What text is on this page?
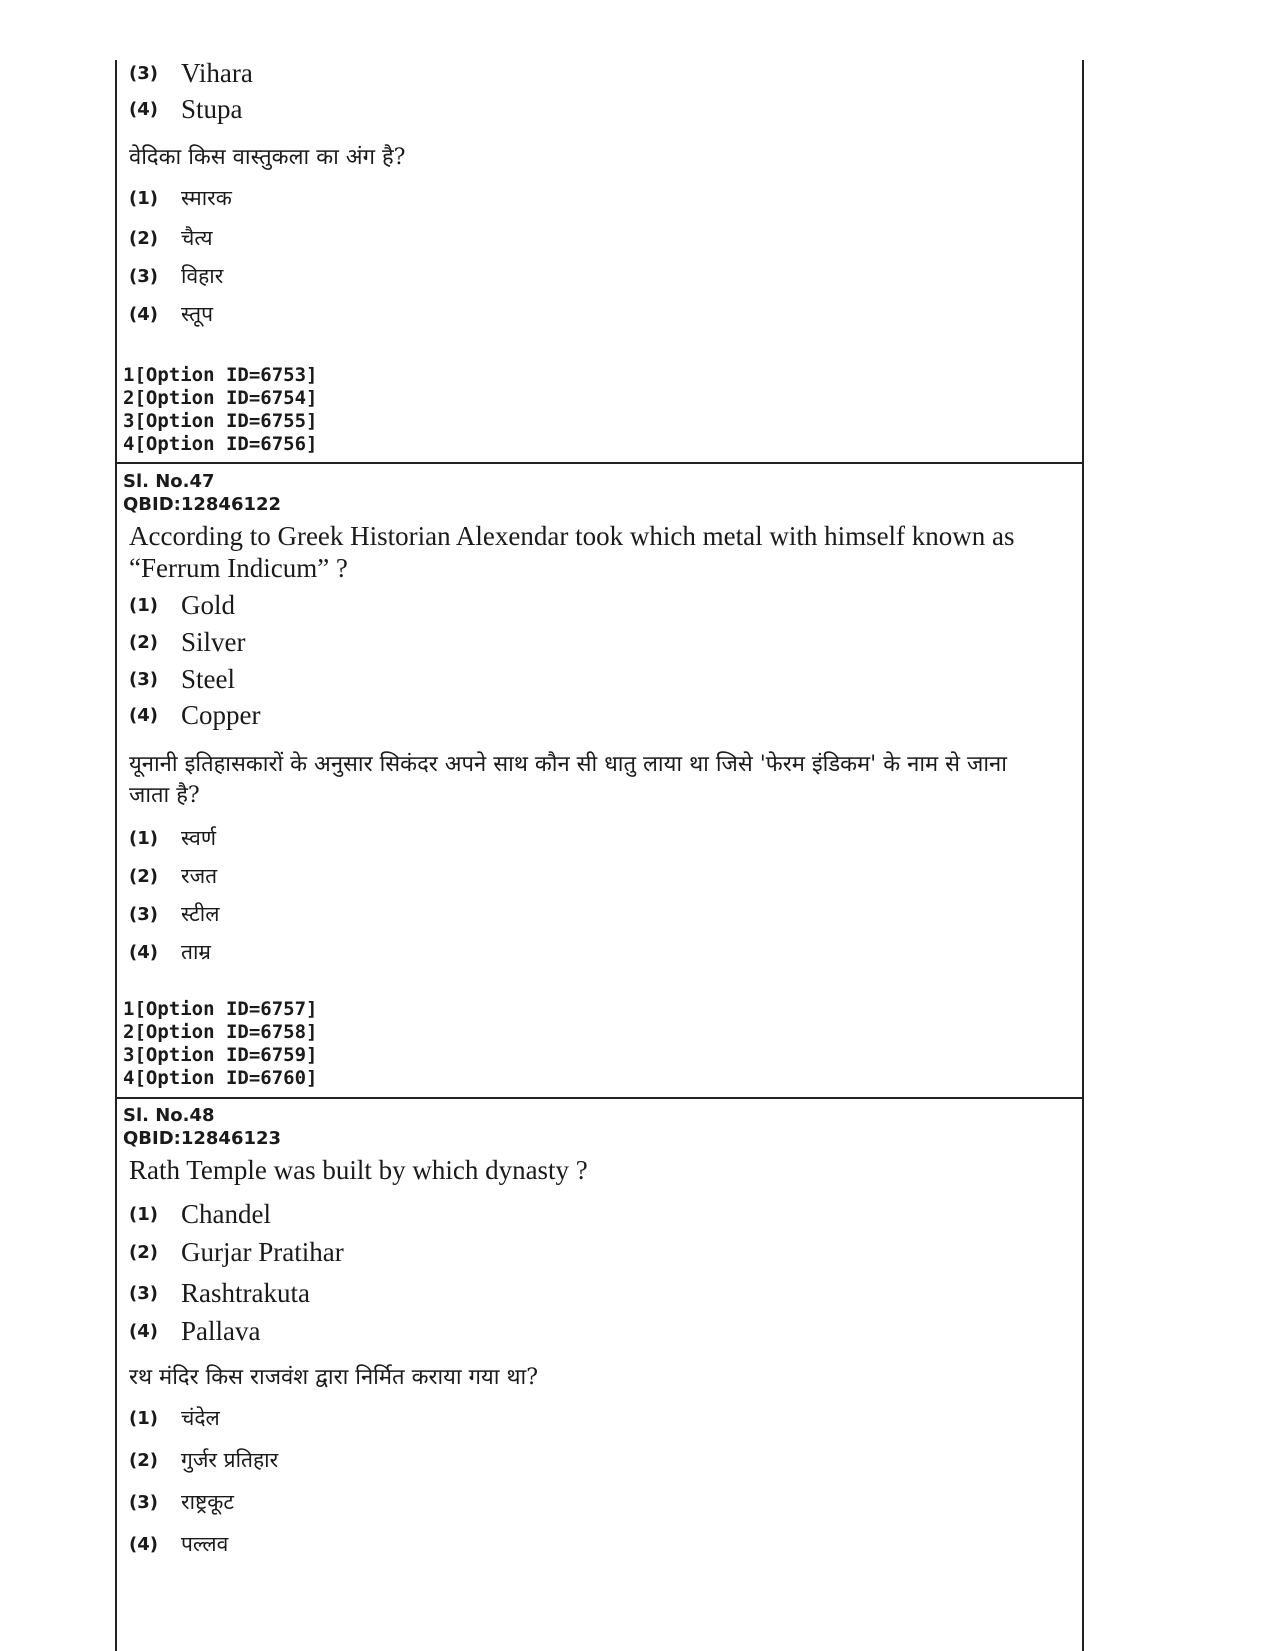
(3) Vihara
(4) Stupa
वेदिका किस वास्तुकला का अंग है?
(1)	स्मारक
(2)	चैत्य
(3)	विहार
(4)	स्तूप
1[Option ID=6753]
2[Option ID=6754]
3[Option ID=6755]
4[Option ID=6756]
Sl. No.47
QBID:12846122
According to Greek Historian Alexendar took which metal with himself known as “Ferrum Indicum” ?
(1) Gold
(2) Silver
(3) Steel
(4) Copper
यूनानी इतिहासकारों के अनुसार सिकंदर अपने साथ कौन सी धातु लाया था जिसे 'फेरम इंडिकम' के नाम से जाना जाता है?
(1)	स्वर्ण
(2)	रजत
(3)	स्टील
(4)	ताम्र
1[Option ID=6757]
2[Option ID=6758]
3[Option ID=6759]
4[Option ID=6760]
Sl. No.48
QBID:12846123
Rath Temple was built by which dynasty ?
(1) Chandel
(2) Gurjar Pratihar
(3) Rashtrakuta
(4) Pallava
रथ मंदिर किस राजवंश द्वारा निर्मित कराया गया था?
(1)	चंदेल
(2)	गुर्जर प्रतिहार
(3)	राष्ट्रकूट
(4)	पल्लव
